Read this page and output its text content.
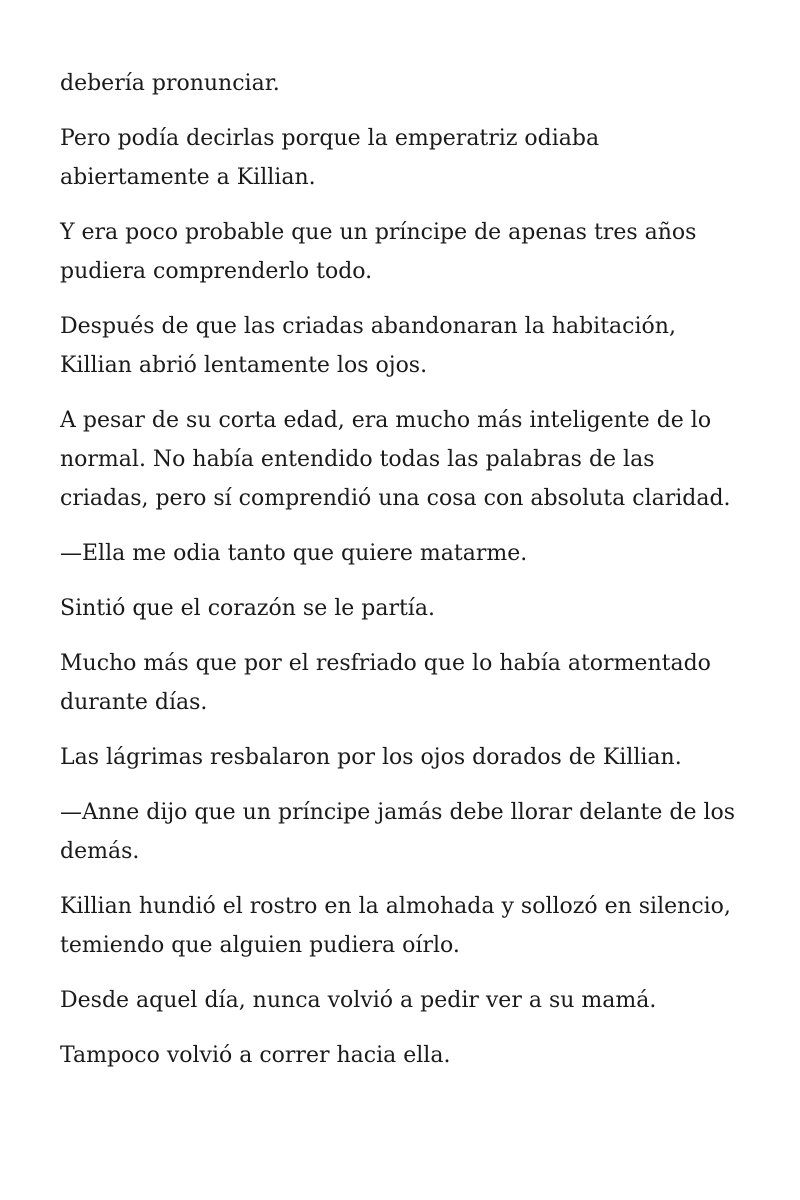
debería pronunciar.

Pero podía decirlas porque la emperatriz odiaba abiertamente a Killian.

Y era poco probable que un príncipe de apenas tres años pudiera comprenderlo todo.

Después de que las criadas abandonaran la habitación, Killian abrió lentamente los ojos.

A pesar de su corta edad, era mucho más inteligente de lo normal. No había entendido todas las palabras de las criadas, pero sí comprendió una cosa con absoluta claridad.

—Ella me odia tanto que quiere matarme.

Sintió que el corazón se le partía.

Mucho más que por el resfriado que lo había atormentado durante días.

Las lágrimas resbalaron por los ojos dorados de Killian.

—Anne dijo que un príncipe jamás debe llorar delante de los demás.

Killian hundió el rostro en la almohada y sollozó en silencio, temiendo que alguien pudiera oírlo.

Desde aquel día, nunca volvió a pedir ver a su mamá.

Tampoco volvió a correr hacia ella.
